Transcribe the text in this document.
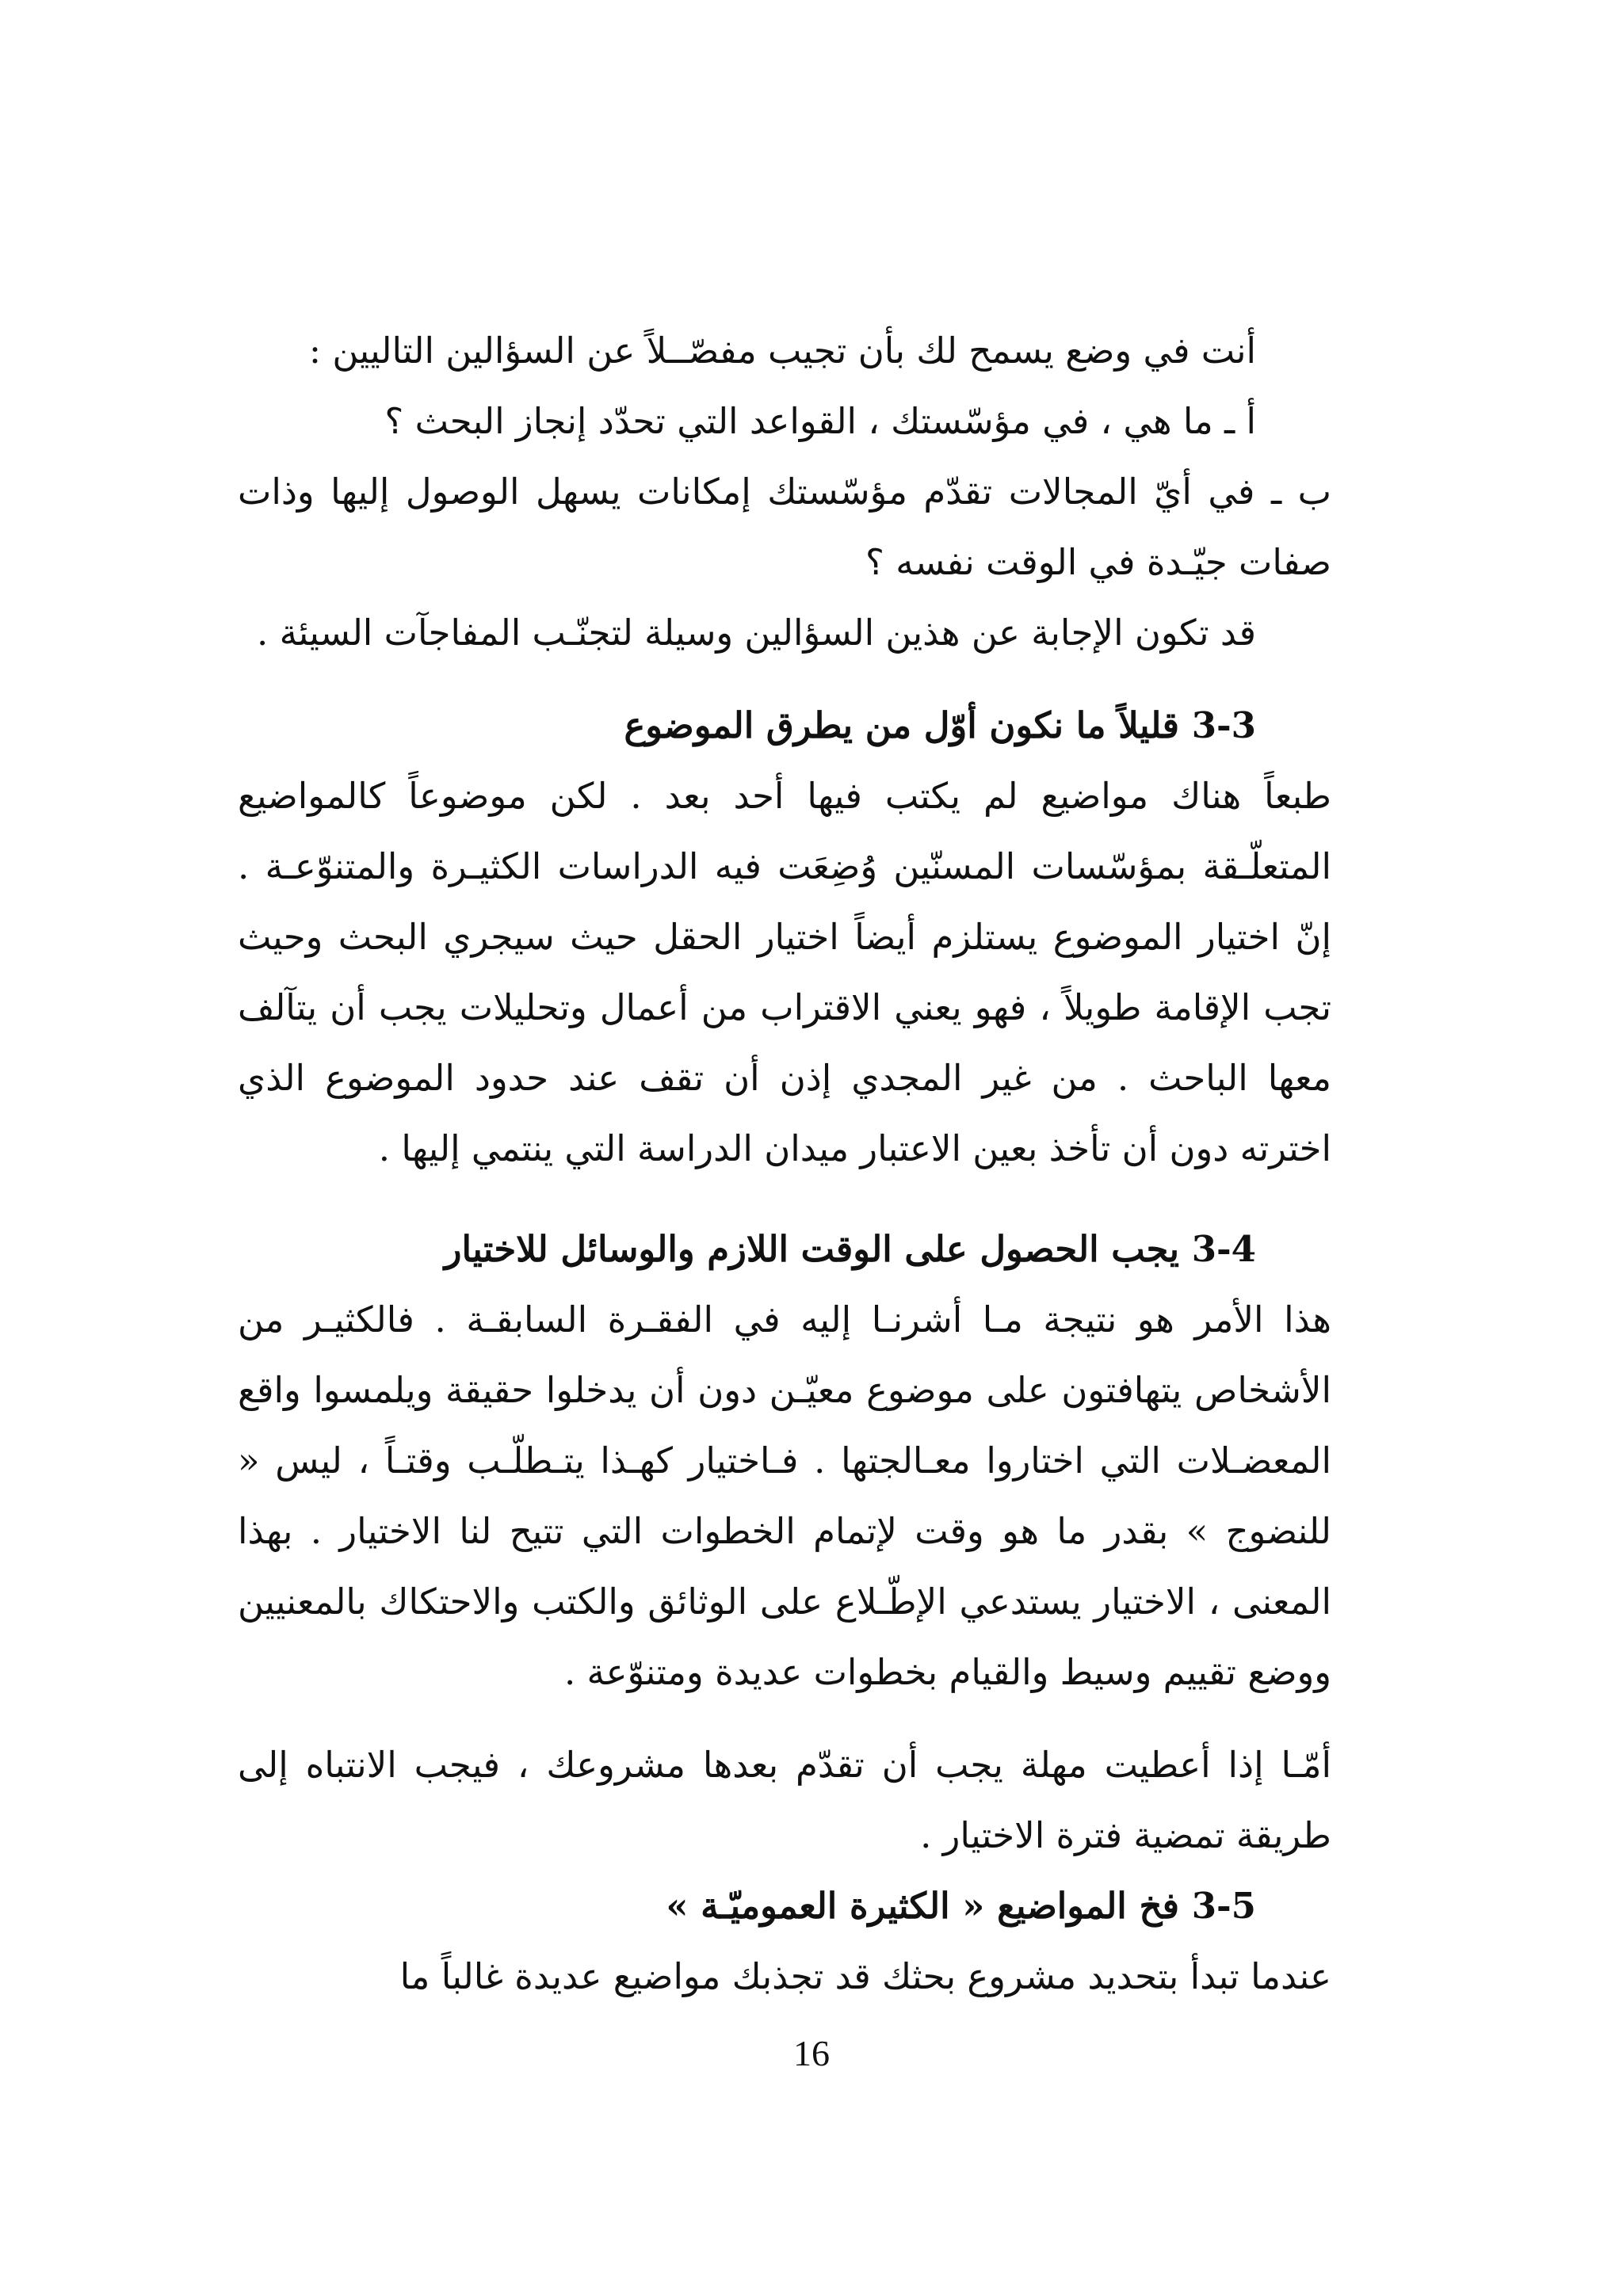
أنت في وضع يسمح لك بأن تجيب مفصّــلاً عن السؤالين التاليين :

أ ـ ما هي ، في مؤسّستك ، القواعد التي تحدّد إنجاز البحث ؟

ب ـ في أيّ المجالات تقدّم مؤسّستك إمكانات يسهل الوصول إليها وذات صفات جيّـدة في الوقت نفسه ؟

قد تكون الإجابة عن هذين السؤالين وسيلة لتجنّـب المفاجآت السيئة .

3-3 قليلاً ما نكون أوّل من يطرق الموضوع

طبعاً هناك مواضيع لم يكتب فيها أحد بعد . لكن موضوعاً كالمواضيع المتعلّـقة بمؤسّسات المسنّين وُضِعَت فيه الدراسات الكثيـرة والمتنوّعـة . إنّ اختيار الموضوع يستلزم أيضاً اختيار الحقل حيث سيجري البحث وحيث تجب الإقامة طويلاً ، فهو يعني الاقتراب من أعمال وتحليلات يجب أن يتآلف معها الباحث . من غير المجدي إذن أن تقف عند حدود الموضوع الذي اخترته دون أن تأخذ بعين الاعتبار ميدان الدراسة التي ينتمي إليها .

3-4 يجب الحصول على الوقت اللازم والوسائل للاختيار

هذا الأمر هو نتيجة مـا أشرنـا إليه في الفقـرة السابقـة . فالكثيـر من الأشخاص يتهافتون على موضوع معيّـن دون أن يدخلوا حقيقة ويلمسوا واقع المعضـلات التي اختاروا معـالجتها . فـاختيار كهـذا يتـطلّـب وقتـاً ، ليس « للنضوج » بقدر ما هو وقت لإتمام الخطوات التي تتيح لنا الاختيار . بهذا المعنى ، الاختيار يستدعي الإطّـلاع على الوثائق والكتب والاحتكاك بالمعنيين ووضع تقييم وسيط والقيام بخطوات عديدة ومتنوّعة .

أمّـا إذا أعطيت مهلة يجب أن تقدّم بعدها مشروعك ، فيجب الانتباه إلى طريقة تمضية فترة الاختيار .

3-5 فخ المواضيع « الكثيرة العموميّـة »

عندما تبدأ بتحديد مشروع بحثك قد تجذبك مواضيع عديدة غالباً ما

16
